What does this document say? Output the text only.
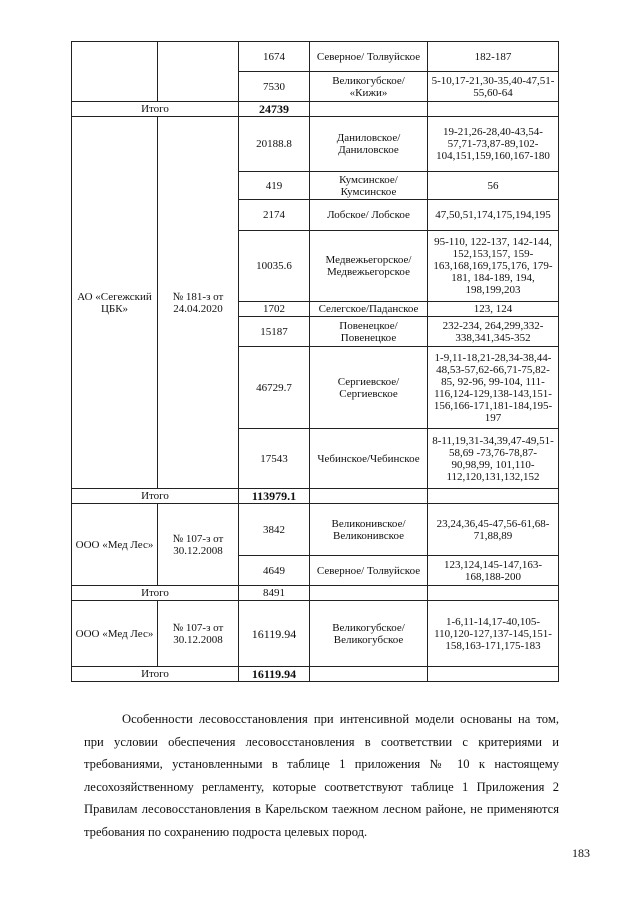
		1674	Северное/ Толвуйское	182-187
		7530	Великогубское/ «Кижи»	5-10,17-21,30-35,40-47,51-55,60-64
Итого		24739		
АО «Сегежский ЦБК»	№ 181-з от 24.04.2020	20188.8	Даниловское/ Даниловское	19-21,26-28,40-43,54-57,71-73,87-89,102-104,151,159,160,167-180
		419	Кумсинское/Кумсинское	56
		2174	Лобское/ Лобское	47,50,51,174,175,194,195
		10035.6	Медвежьегорское/ Медвежьегорское	95-110, 122-137, 142-144, 152,153,157, 159-163,168,169,175,176, 179-181, 184-189, 194, 198,199,203
		1702	Селегское/Паданское	123, 124
		15187	Повенецкое/Повенецкое	232-234, 264,299,332-338,341,345-352
		46729.7	Сергиевское/ Сергиевское	1-9,11-18,21-28,34-38,44-48,53-57,62-66,71-75,82-85, 92-96, 99-104, 111-116,124-129,138-143,151-156,166-171,181-184,195-197
		17543	Чебинское/Чебинское	8-11,19,31-34,39,47-49,51-58,69 -73,76-78,87-90,98,99, 101,110-112,120,131,132,152
Итого		113979.1		
ООО «Мед Лес»	№ 107-з от 30.12.2008	3842	Великонивское/ Великонивское	23,24,36,45-47,56-61,68-71,88,89
		4649	Северное/ Толвуйское	123,124,145-147,163-168,188-200
Итого		8491		
ООО «Мед Лес»	№ 107-з от 30.12.2008	16119.94	Великогубское/ Великогубское	1-6,11-14,17-40,105-110,120-127,137-145,151-158,163-171,175-183
Итого		16119.94		

Особенности лесовосстановления при интенсивной модели основаны на том, при условии обеспечения лесовосстановления в соответствии с критериями и требованиями, установленными в таблице 1 приложения № 10 к настоящему лесохозяйственному регламенту, которые соответствуют таблице 1 Приложения 2 Правилам лесовосстановления в Карельском таежном лесном районе, не применяются требования по сохранению подроста целевых пород.

183
